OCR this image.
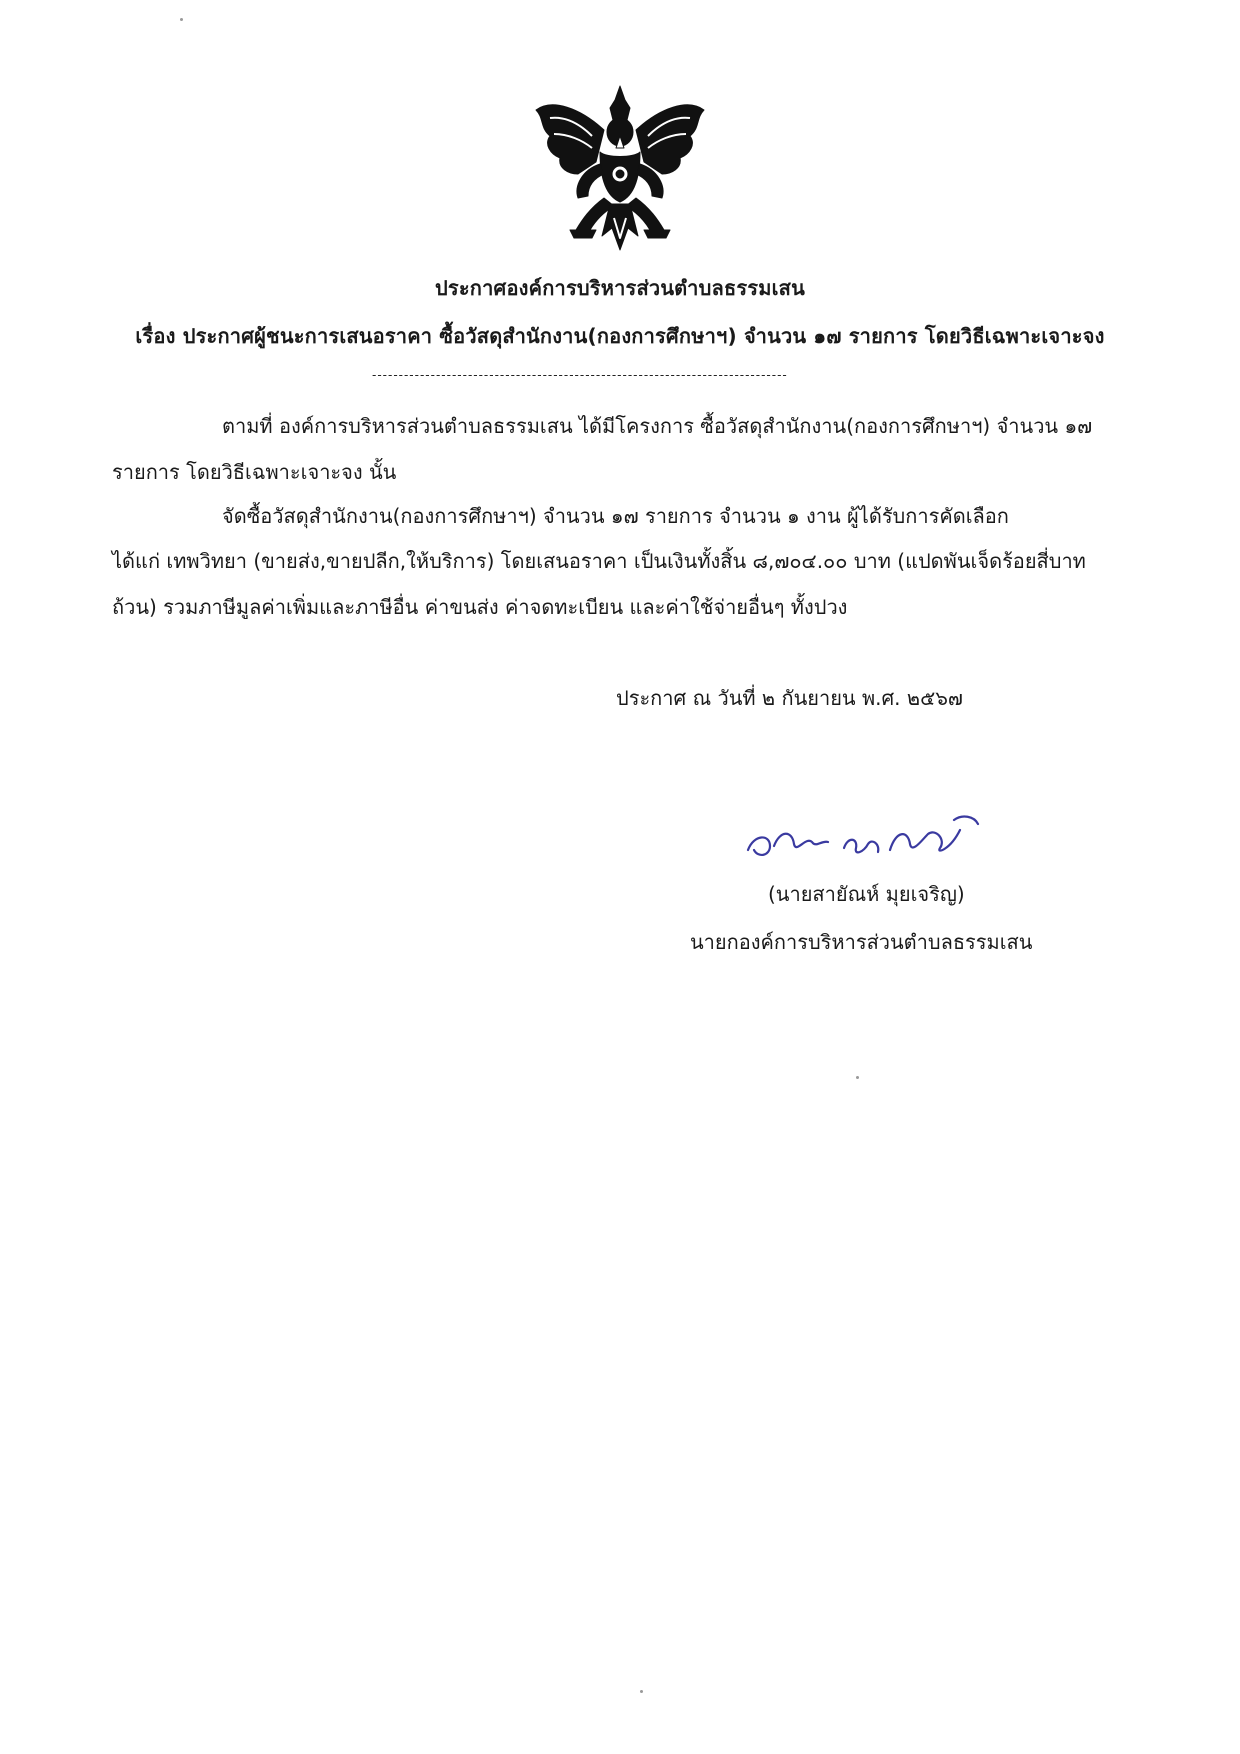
ประกาศองค์การบริหารส่วนตำบลธรรมเสน
เรื่อง ประกาศผู้ชนะการเสนอราคา ซื้อวัสดุสำนักงาน(กองการศึกษาฯ) จำนวน ๑๗ รายการ โดยวิธีเฉพาะเจาะจง
------------------------------------------------------------------------------
ตามที่ องค์การบริหารส่วนตำบลธรรมเสน ได้มีโครงการ ซื้อวัสดุสำนักงาน(กองการศึกษาฯ) จำนวน ๑๗
รายการ โดยวิธีเฉพาะเจาะจง นั้น
จัดซื้อวัสดุสำนักงาน(กองการศึกษาฯ) จำนวน ๑๗ รายการ จำนวน ๑ งาน ผู้ได้รับการคัดเลือก
ได้แก่ เทพวิทยา (ขายส่ง,ขายปลีก,ให้บริการ) โดยเสนอราคา เป็นเงินทั้งสิ้น ๘,๗๐๔.๐๐ บาท (แปดพันเจ็ดร้อยสี่บาท
ถ้วน) รวมภาษีมูลค่าเพิ่มและภาษีอื่น ค่าขนส่ง ค่าจดทะเบียน และค่าใช้จ่ายอื่นๆ ทั้งปวง
ประกาศ ณ วันที่ ๒ กันยายน พ.ศ. ๒๕๖๗
(นายสายัณห์ มุยเจริญ)
นายกองค์การบริหารส่วนตำบลธรรมเสน
